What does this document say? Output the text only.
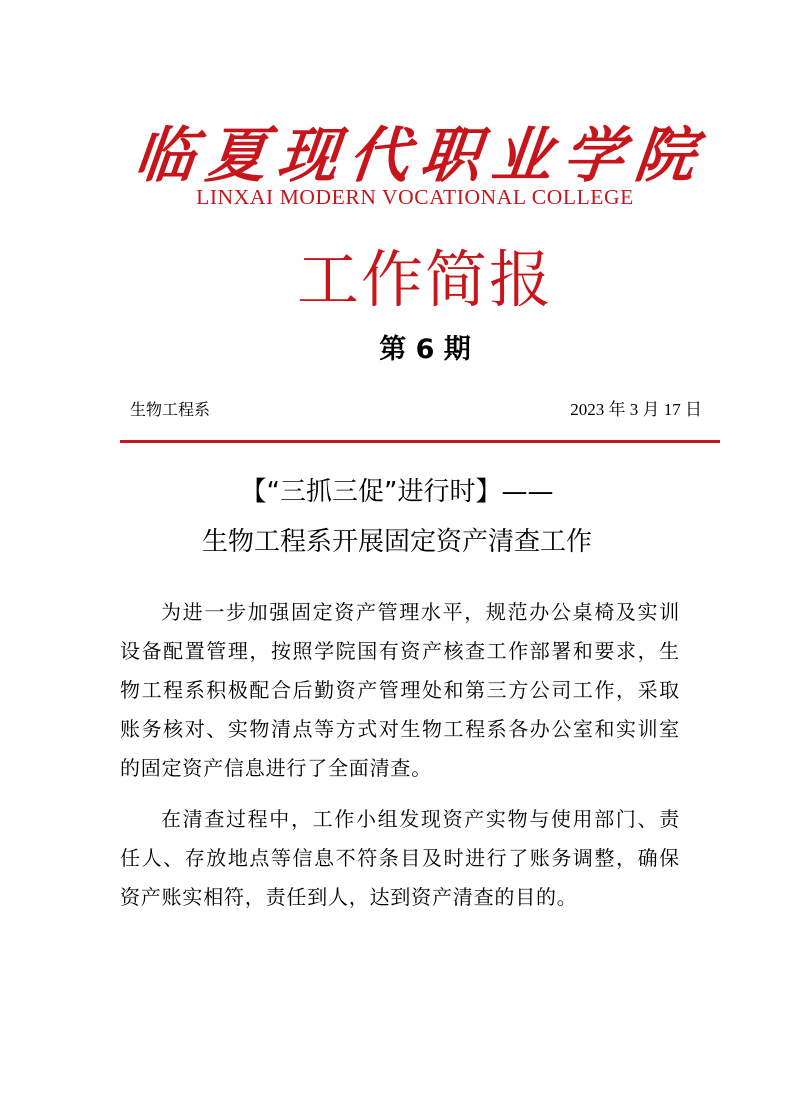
临 夏 现 代 职 业 学 院
LINXAI MODERN VOCATIONAL COLLEGE
工作简报
第 6 期
生物工程系	2023 年 3 月 17 日
【“三抓三促”进行时】——
生物工程系开展固定资产清查工作

为进一步加强固定资产管理水平，规范办公桌椅及实训设备配置管理，按照学院国有资产核查工作部署和要求，生物工程系积极配合后勤资产管理处和第三方公司工作，采取账务核对、实物清点等方式对生物工程系各办公室和实训室的固定资产信息进行了全面清查。

在清查过程中，工作小组发现资产实物与使用部门、责任人、存放地点等信息不符条目及时进行了账务调整，确保资产账实相符，责任到人，达到资产清查的目的。
